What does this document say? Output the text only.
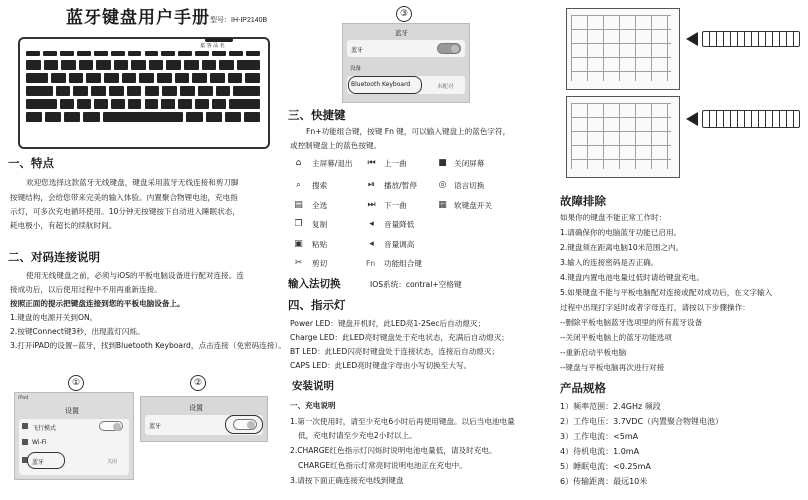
蓝牙键盘用户手册 型号：IH-IP2140B
嘉 客 品 名
一、特点
欢迎您选择这款蓝牙无线键盘，键盘采用蓝牙无线连接和剪刀脚
按键结构，会给您带来完美的输入体验。内置聚合物锂电池，充电指
示灯，可多次充电循环使用。10分钟无按键按下自动进入睡眠状态，
耗电极小，有超长的续航时间。
二、对码连接说明
使用无线键盘之前，必须与iOS的平板电脑设备进行配对连接。连
接成功后，以后使用过程中不用再重新连接。
按照正面的提示把键盘连接到您的平板电脑设备上。
1.键盘的电源开关到ON。
2.按键Connect键3秒，出现蓝灯闪烁。
3.打开iPAD的设置--蓝牙，找到Bluetooth Keyboard，点击连接（免密码连接）。
①
iPad
设置
飞行模式
Wi-Fi
蓝牙	关闭
②
设置
蓝牙
③
蓝牙
蓝牙
设备
Bluetooth Keyboard	未配对
三、快捷键
Fn+功能组合键，按键 Fn 键，可以输入键盘上的蓝色字符，
或控制键盘上的蓝色按键。
⌂ 主屏幕/退出 ⏮ 上一曲	■ 关闭屏幕
⌕ 搜索	⏯ 播放/暂停 ◎ 语言切换
▤ 全选	⏭ 下一曲	▦ 软键盘开关
❐ 复制	◂ 音量降低
▣ 粘贴	◂ 音量调高
✂ 剪切	Fn 功能组合键
输入法切换	IOS系统：contral+空格键
四、指示灯
Power LED：键盘开机时，此LED亮1-2Sec后自动熄灭；
Charge LED：此LED亮时键盘处于充电状态，充满后自动熄灭；
BT LED：此LED闪亮时键盘处于连接状态，连接后自动熄灭；
CAPS LED：此LED亮时键盘字母由小写切换至大写。
安装说明
一、充电说明
1.第一次使用时，请至少充电6小时后再使用键盘。以后当电池电量
低，充电时请至少充电2小时以上。
2.CHARGE红色指示灯闪烁时说明电池电量低，请及时充电。
CHARGE红色指示灯常亮时说明电池正在充电中。
3.请按下面正确连接充电线到键盘
故障排除
如果你的键盘不能正常工作时：
1.请确保你的电脑蓝牙功能已启用。
2.键盘须在距离电脑10米范围之内。
3.输入的连接密码是否正确。
4.键盘内置电池电量过低时请给键盘充电。
5.如果键盘不能与平板电脑配对连接或配对成功后，在文字输入
过程中出现打字延时或者字母连打，请按以下步骤操作：
--删除平板电脑蓝牙选项里的所有蓝牙设备
--关闭平板电脑上的蓝牙功能选项
--重新启动平板电脑
--键盘与平板电脑再次进行对接
产品规格
1）频率范围：2.4GHz 频段
2）工作电压：3.7VDC（内置聚合物锂电池）
3）工作电流：<5mA
4）待机电流：1.0mA
5）睡眠电流：<0.25mA
6）传输距离：最远10米
